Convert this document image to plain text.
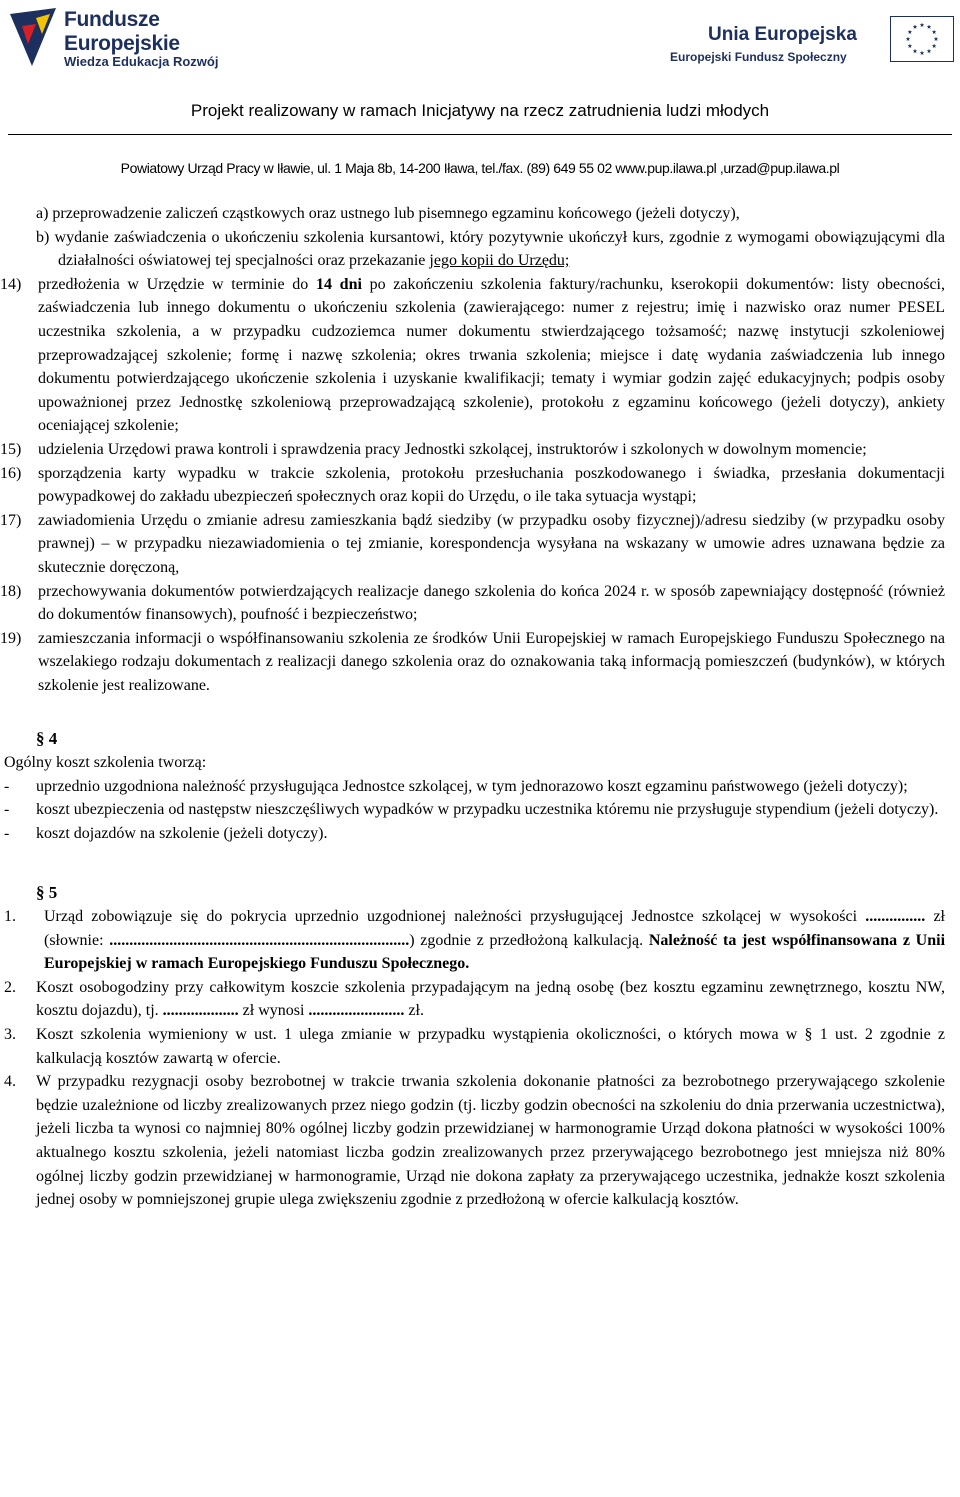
Fundusze
Europejskie
Wiedza Edukacja Rozwój
Unia Europejska
Europejski Fundusz Społeczny
Projekt realizowany w ramach Inicjatywy na rzecz zatrudnienia ludzi młodych
Powiatowy Urząd Pracy w Iławie, ul. 1 Maja 8b, 14-200 Iława, tel./fax. (89) 649 55 02 www.pup.ilawa.pl ,urzad@pup.ilawa.pl

a) przeprowadzenie zaliczeń cząstkowych oraz ustnego lub pisemnego egzaminu końcowego (jeżeli dotyczy),

b) wydanie zaświadczenia o ukończeniu szkolenia kursantowi, który pozytywnie ukończył kurs, zgodnie z wymogami obowiązującymi dla działalności oświatowej tej specjalności oraz przekazanie jego kopii do Urzędu;

14) przedłożenia w Urzędzie w terminie do 14 dni po zakończeniu szkolenia faktury/rachunku, kserokopii dokumentów: listy obecności, zaświadczenia lub innego dokumentu o ukończeniu szkolenia (zawierającego: numer z rejestru; imię i nazwisko oraz numer PESEL uczestnika szkolenia, a w przypadku cudzoziemca numer dokumentu stwierdzającego tożsamość; nazwę instytucji szkoleniowej przeprowadzającej szkolenie; formę i nazwę szkolenia; okres trwania szkolenia; miejsce i datę wydania zaświadczenia lub innego dokumentu potwierdzającego ukończenie szkolenia i uzyskanie kwalifikacji; tematy i wymiar godzin zajęć edukacyjnych; podpis osoby upoważnionej przez Jednostkę szkoleniową przeprowadzającą szkolenie), protokołu z egzaminu końcowego (jeżeli dotyczy), ankiety oceniającej szkolenie;

15) udzielenia Urzędowi prawa kontroli i sprawdzenia pracy Jednostki szkolącej, instruktorów i szkolonych w dowolnym momencie;

16) sporządzenia karty wypadku w trakcie szkolenia, protokołu przesłuchania poszkodowanego i świadka, przesłania dokumentacji powypadkowej do zakładu ubezpieczeń społecznych oraz kopii do Urzędu, o ile taka sytuacja wystąpi;

17) zawiadomienia Urzędu o zmianie adresu zamieszkania bądź siedziby (w przypadku osoby fizycznej)/adresu siedziby (w przypadku osoby prawnej) – w przypadku niezawiadomienia o tej zmianie, korespondencja wysyłana na wskazany w umowie adres uznawana będzie za skutecznie doręczoną,

18) przechowywania dokumentów potwierdzających realizacje danego szkolenia do końca 2024 r. w sposób zapewniający dostępność (również do dokumentów finansowych), poufność i bezpieczeństwo;

19) zamieszczania informacji o współfinansowaniu szkolenia ze środków Unii Europejskiej w ramach Europejskiego Funduszu Społecznego na wszelakiego rodzaju dokumentach z realizacji danego szkolenia oraz do oznakowania taką informacją pomieszczeń (budynków), w których szkolenie jest realizowane.

§ 4

Ogólny koszt szkolenia tworzą:

- uprzednio uzgodniona należność przysługująca Jednostce szkolącej, w tym jednorazowo koszt egzaminu państwowego (jeżeli dotyczy);

- koszt ubezpieczenia od następstw nieszczęśliwych wypadków w przypadku uczestnika któremu nie przysługuje stypendium (jeżeli dotyczy).

- koszt dojazdów na szkolenie (jeżeli dotyczy).

§ 5

1. Urząd zobowiązuje się do pokrycia uprzednio uzgodnionej należności przysługującej Jednostce szkolącej w wysokości ............... zł (słownie: ...........................................................................) zgodnie z przedłożoną kalkulacją. Należność ta jest współfinansowana z Unii Europejskiej w ramach Europejskiego Funduszu Społecznego.

2. Koszt osobogodziny przy całkowitym koszcie szkolenia przypadającym na jedną osobę (bez kosztu egzaminu zewnętrznego, kosztu NW, kosztu dojazdu), tj. ................... zł wynosi ........................ zł.

3. Koszt szkolenia wymieniony w ust. 1 ulega zmianie w przypadku wystąpienia okoliczności, o których mowa w § 1 ust. 2 zgodnie z kalkulacją kosztów zawartą w ofercie.

4. W przypadku rezygnacji osoby bezrobotnej w trakcie trwania szkolenia dokonanie płatności za bezrobotnego przerywającego szkolenie będzie uzależnione od liczby zrealizowanych przez niego godzin (tj. liczby godzin obecności na szkoleniu do dnia przerwania uczestnictwa), jeżeli liczba ta wynosi co najmniej 80% ogólnej liczby godzin przewidzianej w harmonogramie Urząd dokona płatności w wysokości 100% aktualnego kosztu szkolenia, jeżeli natomiast liczba godzin zrealizowanych przez przerywającego bezrobotnego jest mniejsza niż 80% ogólnej liczby godzin przewidzianej w harmonogramie, Urząd nie dokona zapłaty za przerywającego uczestnika, jednakże koszt szkolenia jednej osoby w pomniejszonej grupie ulega zwiększeniu zgodnie z przedłożoną w ofercie kalkulacją kosztów.
